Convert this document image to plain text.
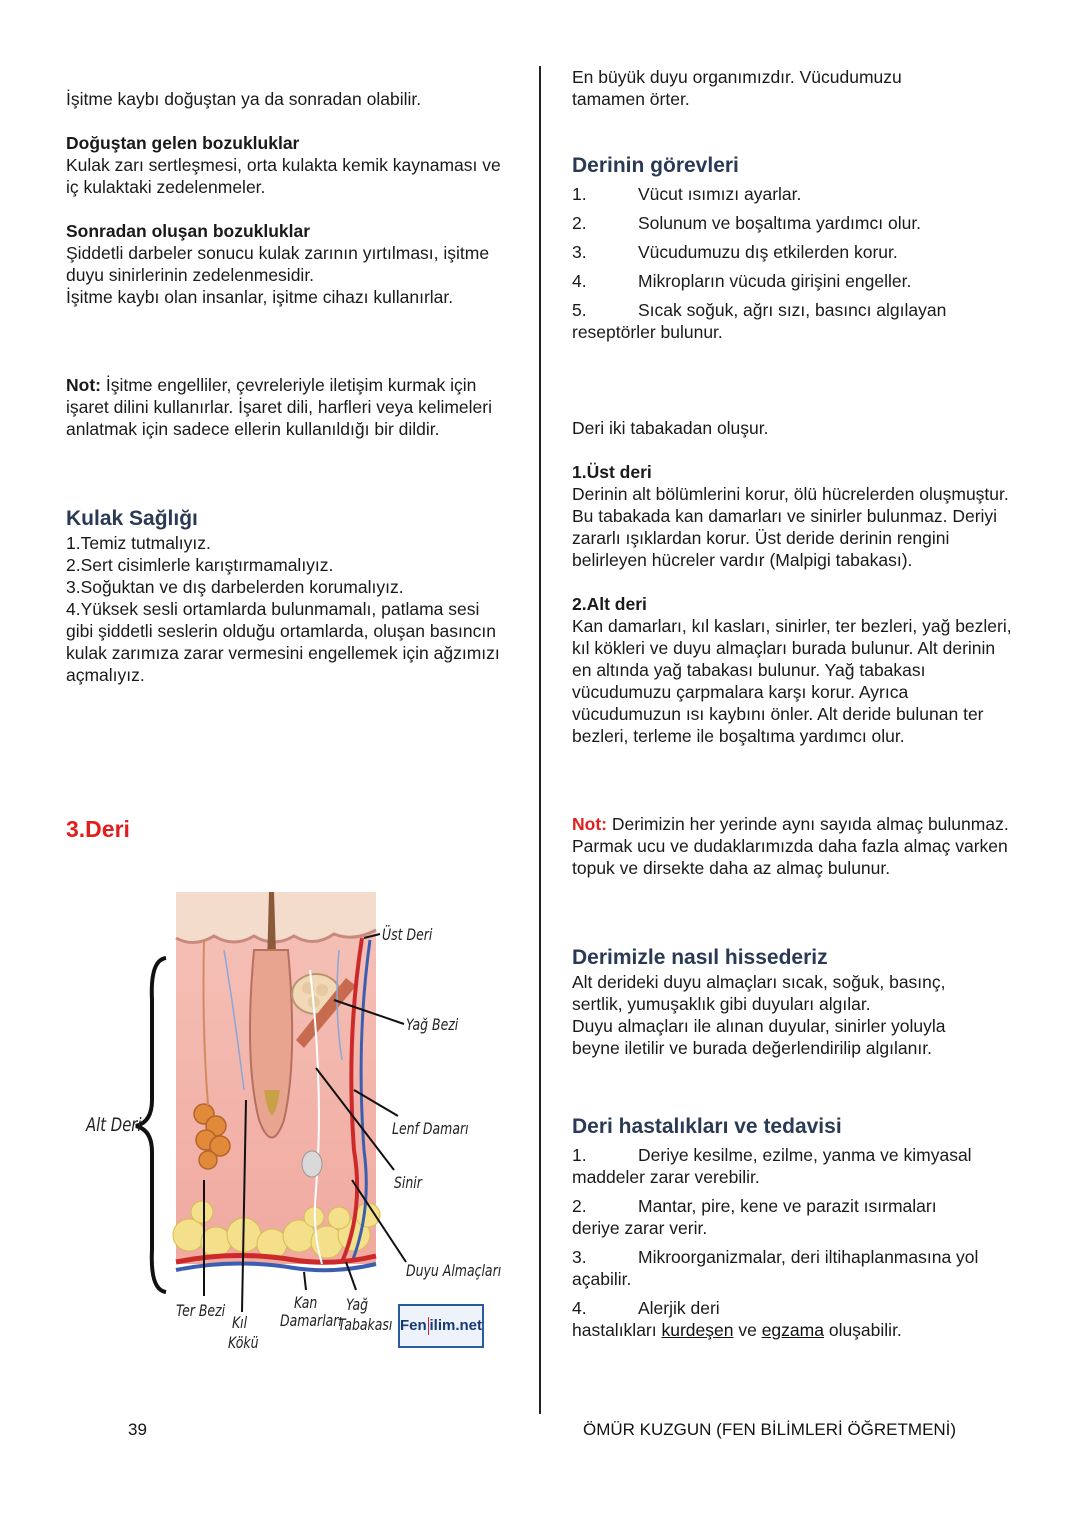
İşitme kaybı doğuştan ya da sonradan olabilir.

Doğuştan gelen bozukluklar

Kulak zarı sertleşmesi, orta kulakta kemik kaynaması ve iç kulaktaki zedelenmeler.

Sonradan oluşan bozukluklar

Şiddetli darbeler sonucu kulak zarının yırtılması, işitme duyu sinirlerinin zedelenmesidir.

İşitme kaybı olan insanlar, işitme cihazı kullanırlar.

Not: İşitme engelliler, çevreleriyle iletişim kurmak için işaret dilini kullanırlar. İşaret dili, harfleri veya kelimeleri anlatmak için sadece ellerin kullanıldığı bir dildir.

Kulak Sağlığı

1.Temiz tutmalıyız.

2.Sert cisimlerle karıştırmamalıyız.

3.Soğuktan ve dış darbelerden korumalıyız.

4.Yüksek sesli ortamlarda bulunmamalı, patlama sesi gibi şiddetli seslerin olduğu ortamlarda, oluşan basıncın kulak zarımıza zarar vermesini engellemek için ağzımızı açmalıyız.

3.Deri

Üst Deri
Yağ Bezi
Alt Deri	Lenf Damarı
Sinir
Duyu Almaçları
Ter Bezi
Kıl
Kökü
Kan
Damarları
Yağ
Tabakası Fen ilim.net

En büyük duyu organımızdır. Vücudumuzu tamamen örter.

Derinin görevleri

1.	Vücut ısımızı ayarlar.
2.	Solunum ve boşaltıma yardımcı olur.
3.	Vücudumuzu dış etkilerden korur.
4.	Mikropların vücuda girişini engeller.
5.	Sıcak soğuk, ağrı sızı, basıncı algılayan

reseptörler bulunur.

Deri iki tabakadan oluşur.

1.Üst deri

Derinin alt bölümlerini korur, ölü hücrelerden oluşmuştur. Bu tabakada kan damarları ve sinirler bulunmaz. Deriyi zararlı ışıklardan korur. Üst deride derinin rengini belirleyen hücreler vardır (Malpigi tabakası).

2.Alt deri

Kan damarları, kıl kasları, sinirler, ter bezleri, yağ bezleri, kıl kökleri ve duyu almaçları burada bulunur. Alt derinin en altında yağ tabakası bulunur. Yağ tabakası vücudumuzu çarpmalara karşı korur. Ayrıca vücudumuzun ısı kaybını önler. Alt deride bulunan ter bezleri, terleme ile boşaltıma yardımcı olur.

Not: Derimizin her yerinde aynı sayıda almaç bulunmaz. Parmak ucu ve dudaklarımızda daha fazla almaç varken topuk ve dirsekte daha az almaç bulunur.

Derimizle nasıl hissederiz

Alt derideki duyu almaçları sıcak, soğuk, basınç, sertlik, yumuşaklık gibi duyuları algılar.

Duyu almaçları ile alınan duyular, sinirler yoluyla beyne iletilir ve burada değerlendirilip algılanır.

Deri hastalıkları ve tedavisi

1.	Deriye kesilme, ezilme, yanma ve kimyasal

maddeler zarar verebilir.

2.	Mantar, pire, kene ve parazit ısırmaları

deriye zarar verir.

3.	Mikroorganizmalar, deri iltihaplanmasına yol

açabilir.

4.	Alerjik deri

hastalıkları kurdeşen ve egzama oluşabilir.

39	ÖMÜR KUZGUN (FEN BİLİMLERİ ÖĞRETMENİ)
